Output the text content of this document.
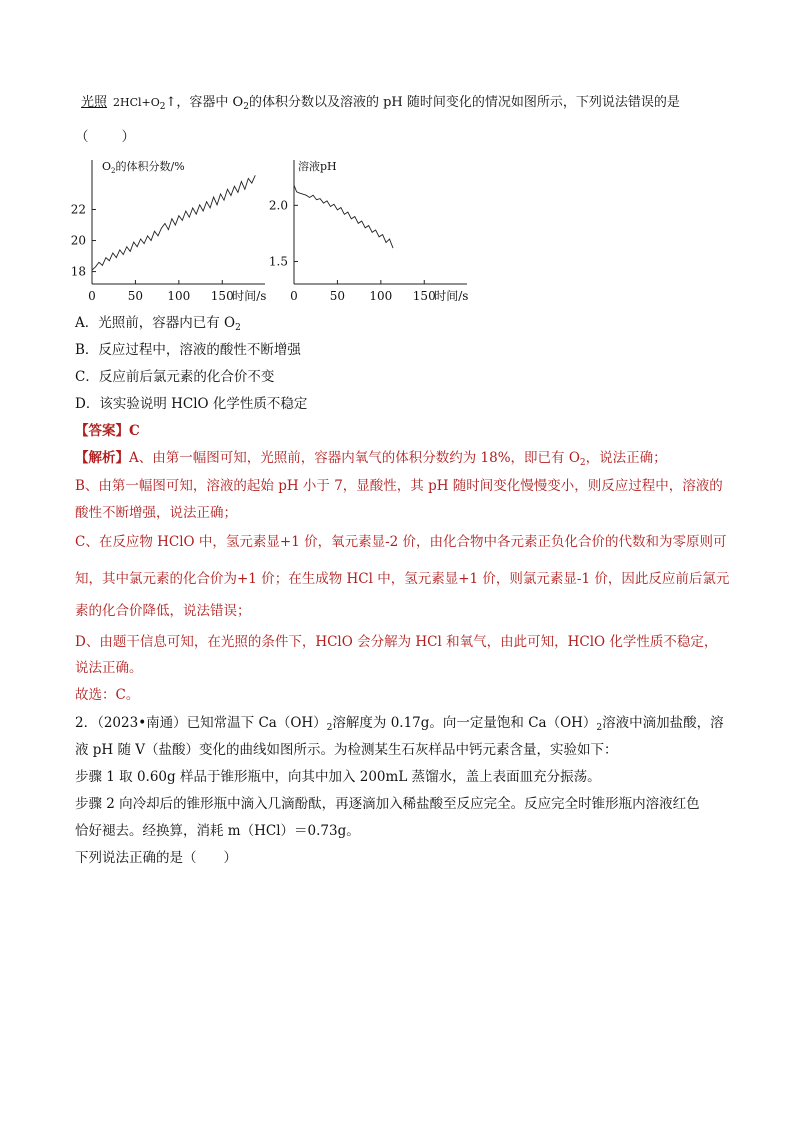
光照 $2HCl+O_2↑$，容器中 $O_2$的体积分数以及溶液的 pH 随时间变化的情况如图所示，下列说法错误的是
（　　）
$O_2$的体积分数/%
0	50 100 150
时间/s
18
20
22
溶液pH
0	50 100 150
时间/s
1.5
2.0
A．光照前，容器内已有 $O_2$
B．反应过程中，溶液的酸性不断增强
C．反应前后氯元素的化合价不变
D．该实验说明 HClO 化学性质不稳定
【答案】C
【解析】A、由第一幅图可知，光照前，容器内氧气的体积分数约为 18%，即已有 $O_2$，说法正确；
B、由第一幅图可知，溶液的起始 pH 小于 7，显酸性，其 pH 随时间变化慢慢变小，则反应过程中，溶液的
酸性不断增强，说法正确；
C、在反应物 HClO 中，氢元素显+1 价，氧元素显-2 价，由化合物中各元素正负化合价的代数和为零原则可
知，其中氯元素的化合价为+1 价；在生成物 HCl 中，氢元素显+1 价，则氯元素显-1 价，因此反应前后氯元
素的化合价降低，说法错误；
D、由题干信息可知，在光照的条件下，HClO 会分解为 HCl 和氧气，由此可知，HClO 化学性质不稳定，
说法正确。
故选：C。
2．（2023•南通）已知常温下 $Ca(OH)_2$溶解度为 0.17g。向一定量饱和 $Ca(OH)_2$溶液中滴加盐酸，溶
液 pH 随 V（盐酸）变化的曲线如图所示。为检测某生石灰样品中钙元素含量，实验如下：
步骤 1 取 0.60g 样品于锥形瓶中，向其中加入 200mL 蒸馏水，盖上表面皿充分振荡。
步骤 2 向冷却后的锥形瓶中滴入几滴酚酞，再逐滴加入稀盐酸至反应完全。反应完全时锥形瓶内溶液红色
恰好褪去。经换算，消耗 m（HCl）＝0.73g。
下列说法正确的是（　　）
